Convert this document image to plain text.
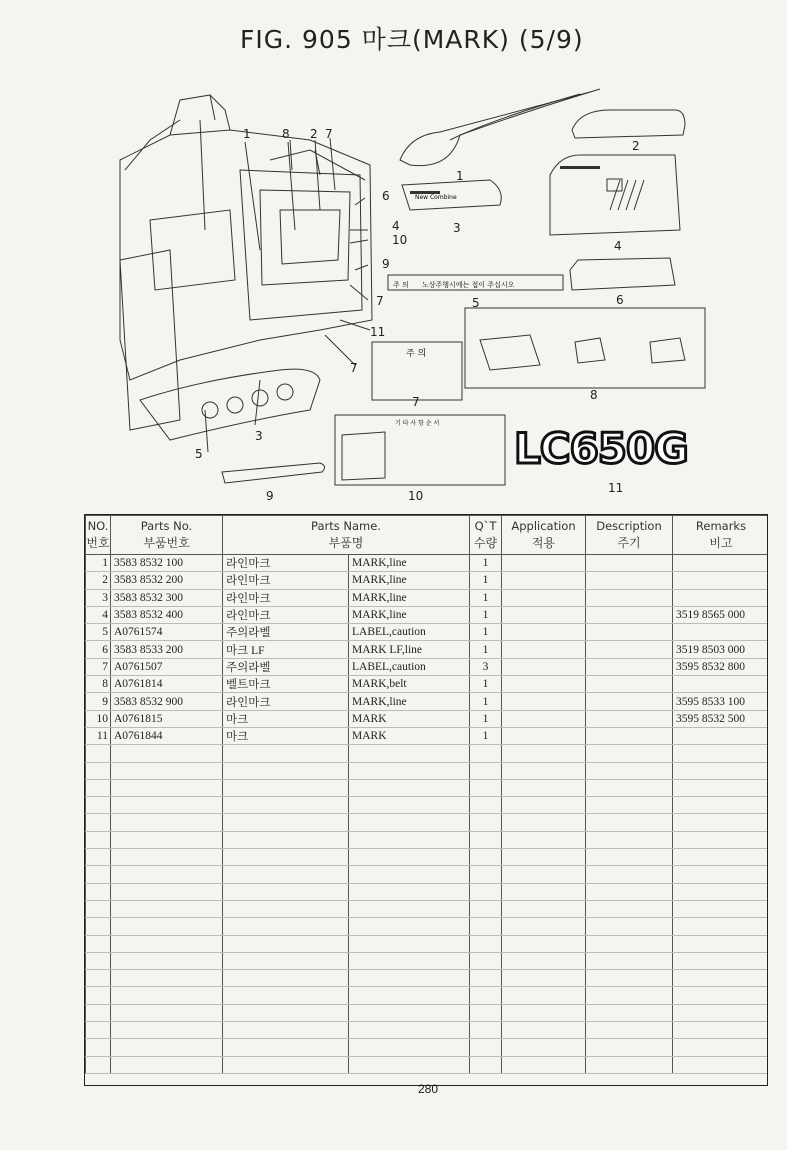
FIG. 905 마크(MARK) (5/9)
노상주행시에는 접이 주십시오
주 의
주 의
기 타 사 항 순 서
New Combine
1	8 2 7
6
4
10
9
7
11
7
3
5
1
2
3
4
5	6
7	8
9	10
11
LC650G
NO.
번호	Parts No.
부품번호	Parts Name.
부품명		Q`T
수량	Application
적용	Description
주기	Remarks
비고

1	3583 8532 100	라인마크	MARK,line	1			
2	3583 8532 200	라인마크	MARK,line	1			
3	3583 8532 300	라인마크	MARK,line	1			
4	3583 8532 400	라인마크	MARK,line	1			3519 8565 000
5	A0761574	주의라벨	LABEL,caution	1			
6	3583 8533 200	마크 LF	MARK LF,line	1			3519 8503 000
7	A0761507	주의라벨	LABEL,caution	3			3595 8532 800
8	A0761814	벨트마크	MARK,belt	1			
9	3583 8532 900	라인마크	MARK,line	1			3595 8533 100
10	A0761815	마크	MARK	1			3595 8532 500
11	A0761844	마크	MARK	1			

280
